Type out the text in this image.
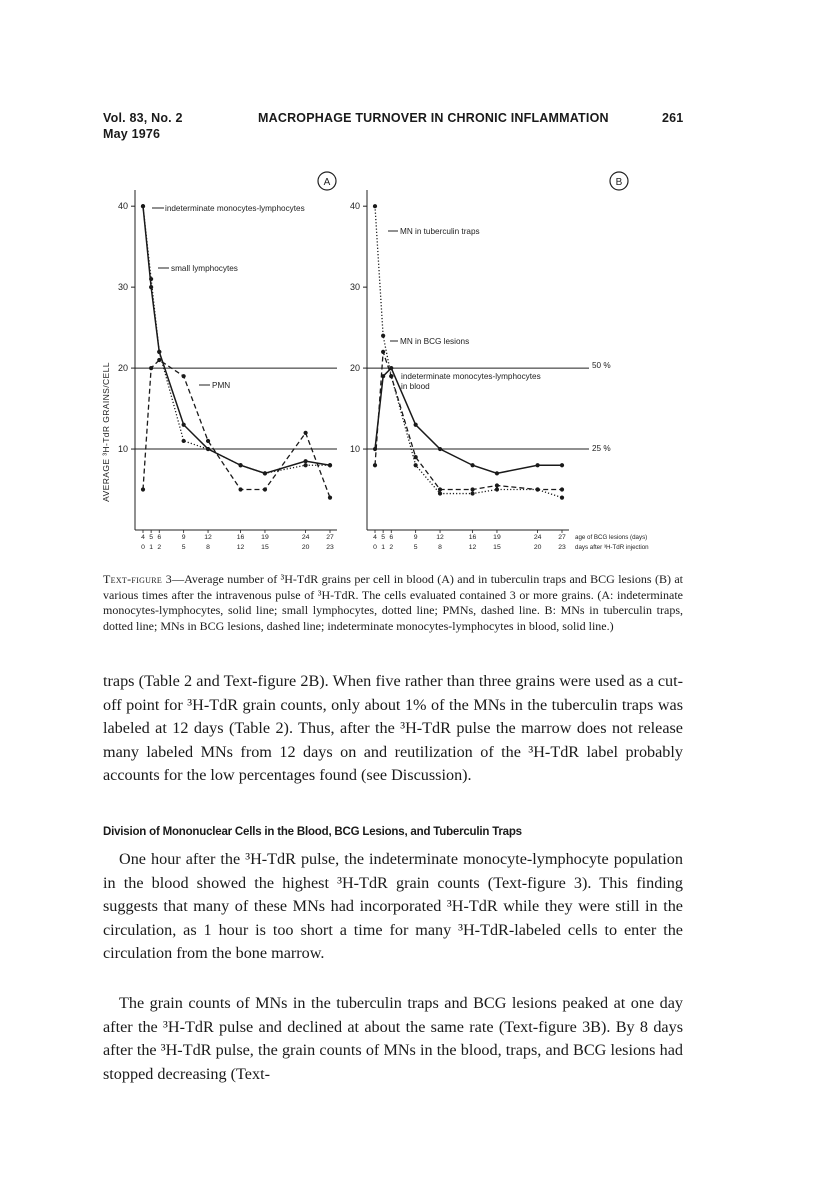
Vol. 83, No. 2
May 1976
MACROPHAGE TURNOVER IN CHRONIC INFLAMMATION	261
10
20
30
40
4
0
5
1
6
2
9
5
12
8
16
12
19
15
24
20
27
23
10
20
30
40
4
0
5
1
6
2
9
5
12
8
16
12
19
15
24
20
27
23
A	B
AVERAGE ³H-TdR GRAINS/CELL
indeterminate monocytes-lymphocytes
small lymphocytes
PMN
MN in tuberculin traps
MN in BCG lesions
indeterminate monocytes-lymphocytes
in blood
50 %
25 %
age of BCG lesions (days)
days after ³H-TdR injection
Text-figure 3—Average number of ³H-TdR grains per cell in blood (A) and in tuberculin traps and BCG lesions (B) at various times after the intravenous pulse of ³H-TdR. The cells evaluated contained 3 or more grains. (A: indeterminate monocytes-lymphocytes, solid line; small lymphocytes, dotted line; PMNs, dashed line. B: MNs in tuberculin traps, dotted line; MNs in BCG lesions, dashed line; indeterminate monocytes-lymphocytes in blood, solid line.)
traps (Table 2 and Text-figure 2B). When five rather than three grains were used as a cut-off point for ³H-TdR grain counts, only about 1% of the MNs in the tuberculin traps was labeled at 12 days (Table 2). Thus, after the ³H-TdR pulse the marrow does not release many labeled MNs from 12 days on and reutilization of the ³H-TdR label probably accounts for the low percentages found (see Discussion).
Division of Mononuclear Cells in the Blood, BCG Lesions, and Tuberculin Traps
One hour after the ³H-TdR pulse, the indeterminate monocyte-lymphocyte population in the blood showed the highest ³H-TdR grain counts (Text-figure 3). This finding suggests that many of these MNs had incorporated ³H-TdR while they were still in the circulation, as 1 hour is too short a time for many ³H-TdR-labeled cells to enter the circulation from the bone marrow.
The grain counts of MNs in the tuberculin traps and BCG lesions peaked at one day after the ³H-TdR pulse and declined at about the same rate (Text-figure 3B). By 8 days after the ³H-TdR pulse, the grain counts of MNs in the blood, traps, and BCG lesions had stopped decreasing (Text-
